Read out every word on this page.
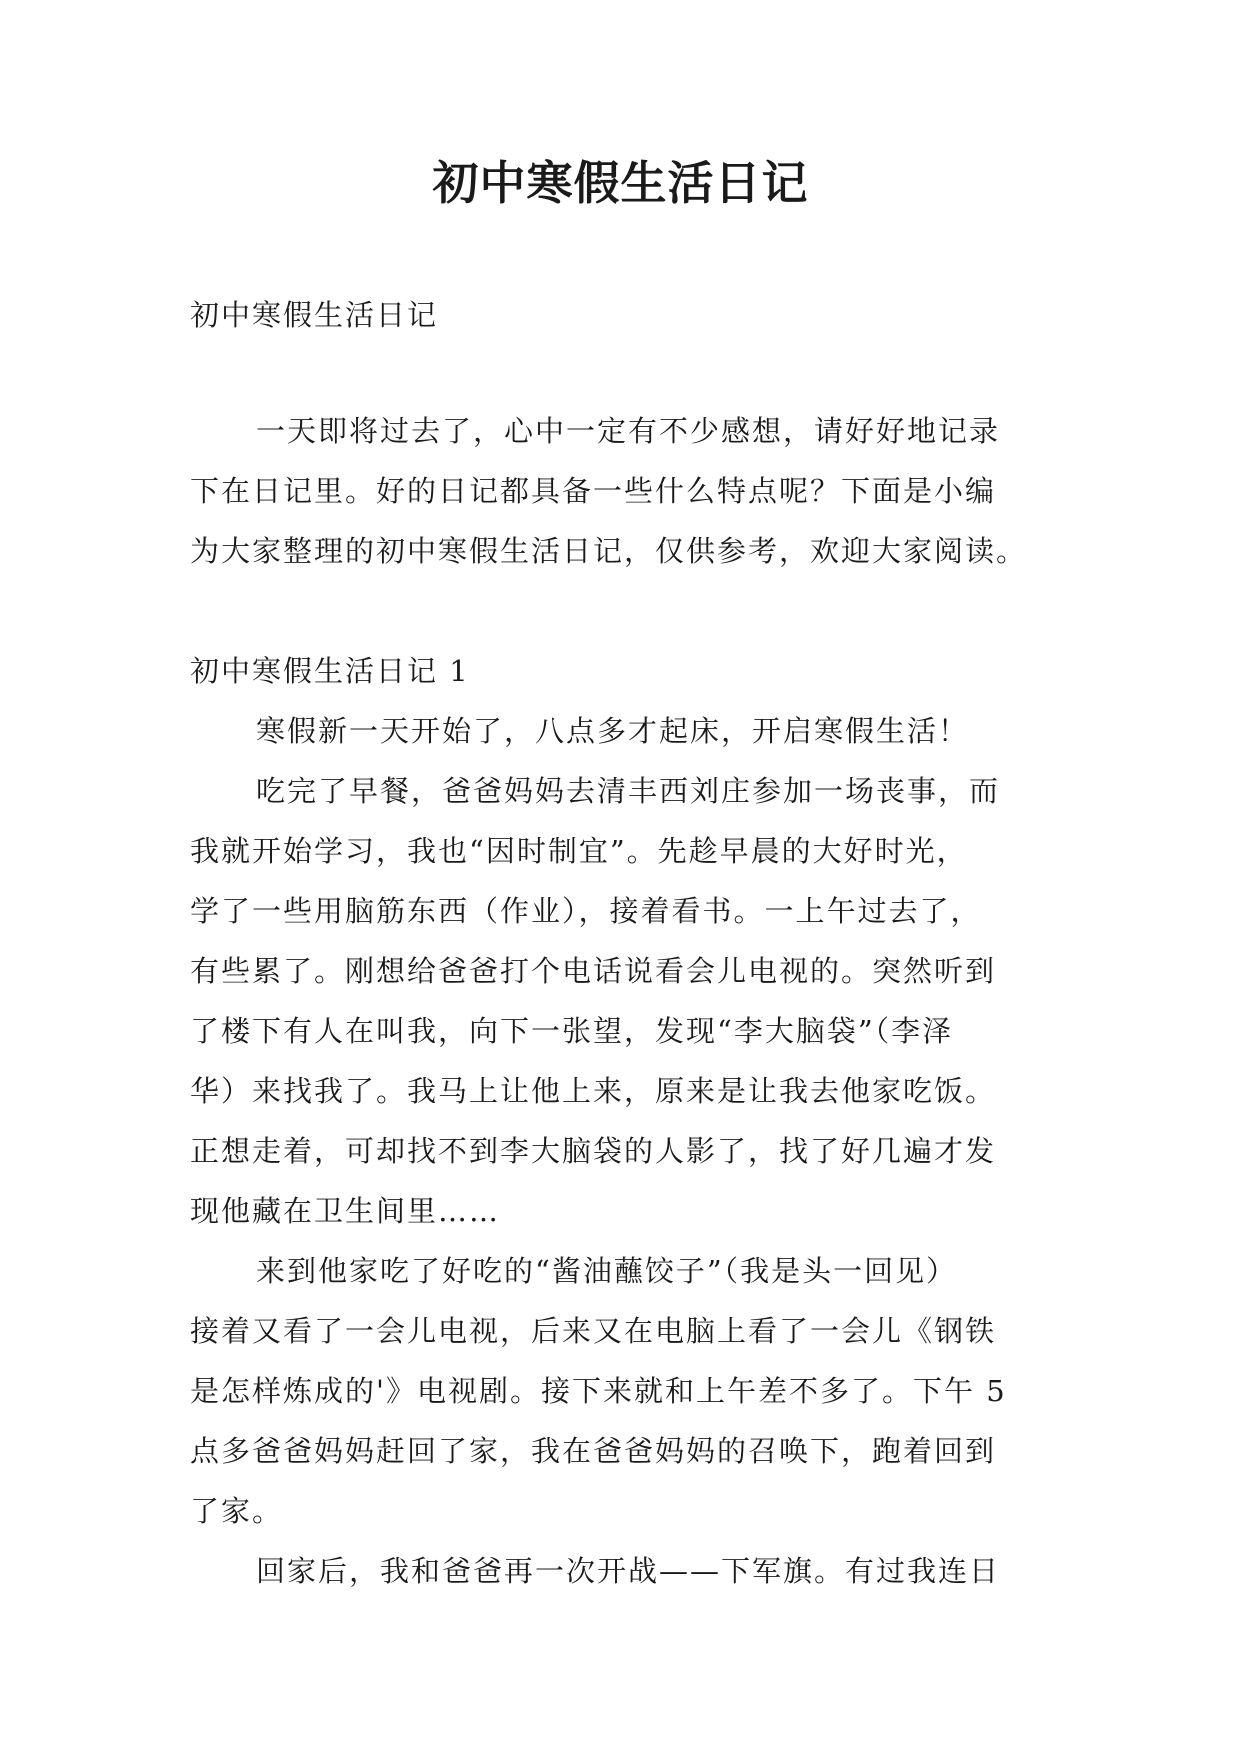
初中寒假生活日记

初中寒假生活日记

一天即将过去了，心中一定有不少感想，请好好地记录
下在日记里。好的日记都具备一些什么特点呢？下面是小编
为大家整理的初中寒假生活日记，仅供参考，欢迎大家阅读。

初中寒假生活日记 1

寒假新一天开始了，八点多才起床，开启寒假生活！
吃完了早餐，爸爸妈妈去清丰西刘庄参加一场丧事，而
我就开始学习，我也“因时制宜”。先趁早晨的大好时光，
学了一些用脑筋东西（作业），接着看书。一上午过去了，
有些累了。刚想给爸爸打个电话说看会儿电视的。突然听到
了楼下有人在叫我，向下一张望，发现“李大脑袋”（李泽
华）来找我了。我马上让他上来，原来是让我去他家吃饭。
正想走着，可却找不到李大脑袋的人影了，找了好几遍才发
现他藏在卫生间里……
来到他家吃了好吃的“酱油蘸饺子”（我是头一回见）
接着又看了一会儿电视，后来又在电脑上看了一会儿《钢铁
是怎样炼成的'》电视剧。接下来就和上午差不多了。下午 5
点多爸爸妈妈赶回了家，我在爸爸妈妈的召唤下，跑着回到
了家。
回家后，我和爸爸再一次开战——下军旗。有过我连日
